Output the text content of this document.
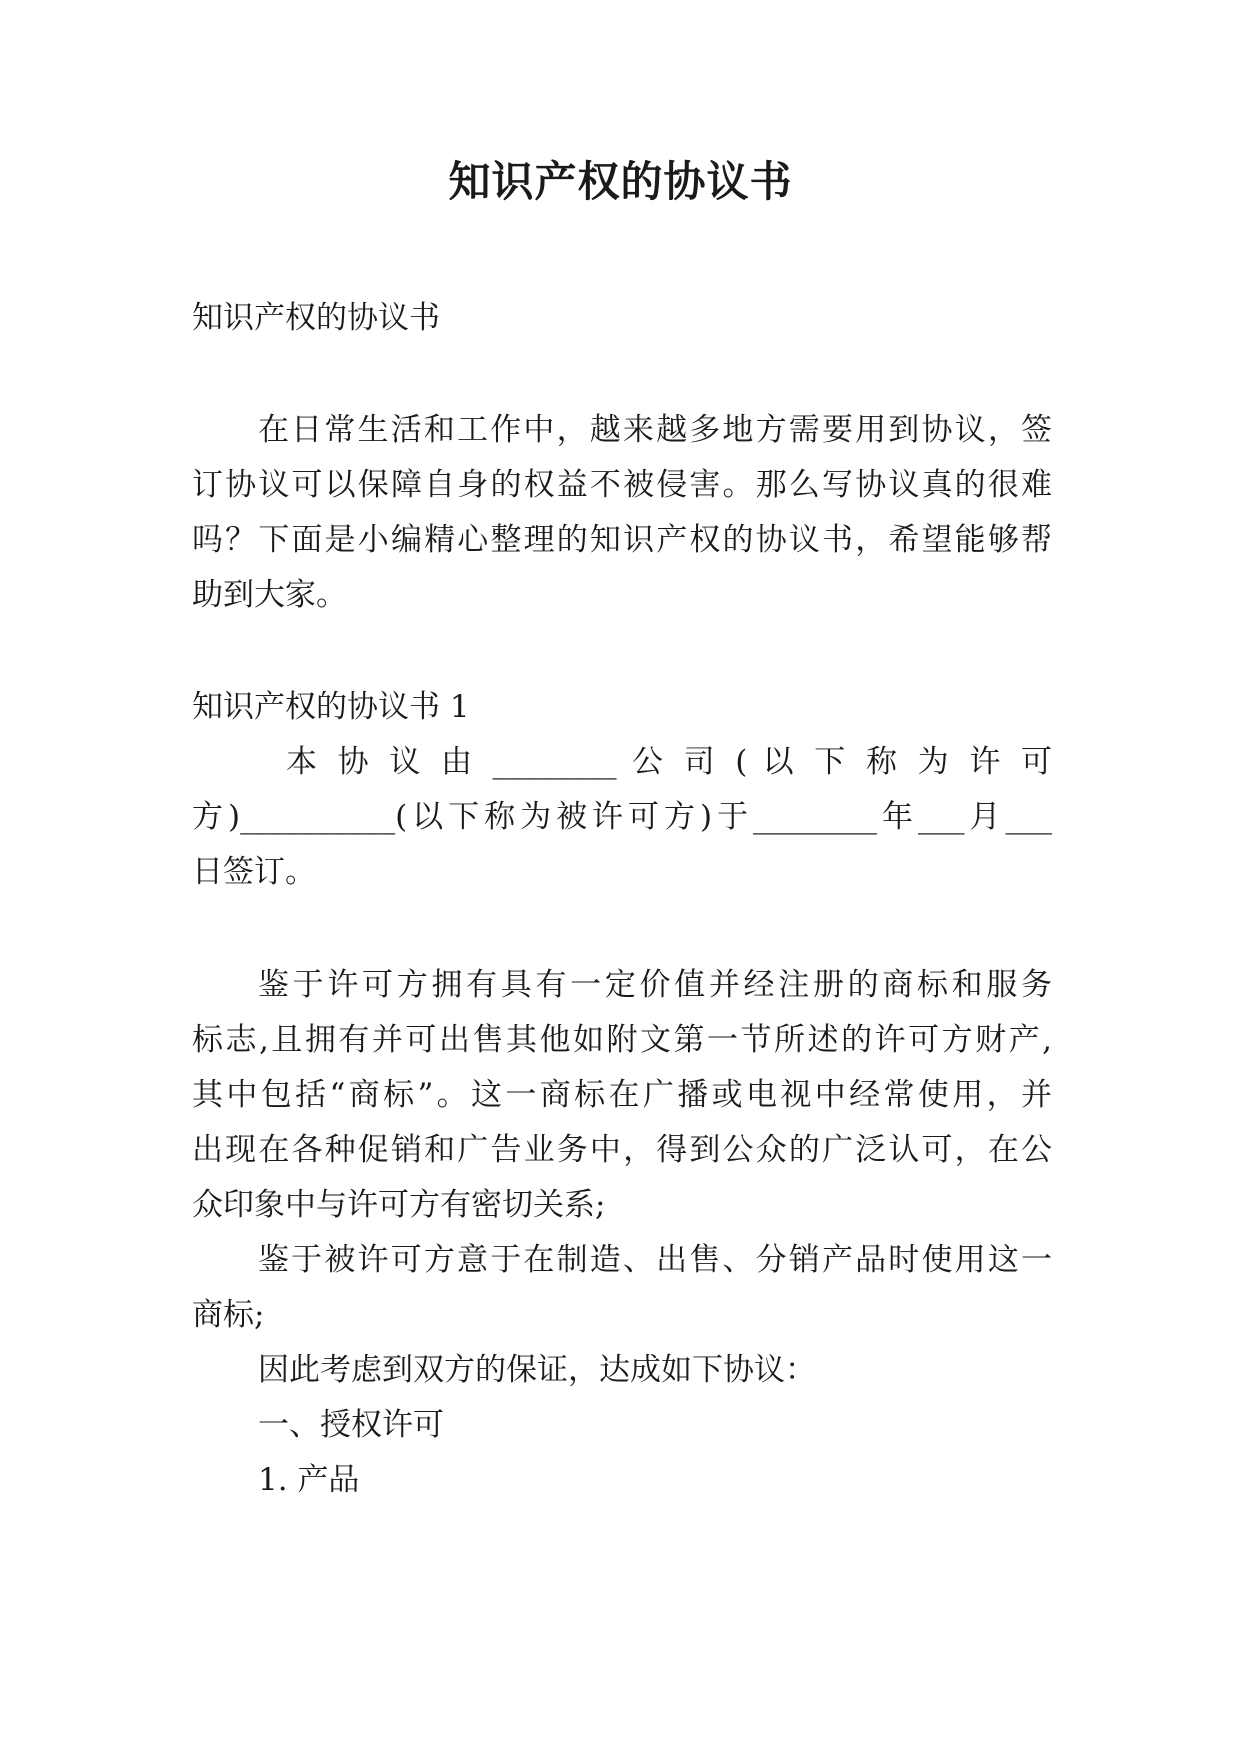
知识产权的协议书

知识产权的协议书

在日常生活和工作中，越来越多地方需要用到协议，签

订协议可以保障自身的权益不被侵害。那么写协议真的很难

吗？下面是小编精心整理的知识产权的协议书，希望能够帮

助到大家。

知识产权的协议书 1

本 协 议 由 ________ 公 司 ( 以 下 称 为 许 可

方)__________(以下称为被许可方)于________年___月___

日签订。

鉴于许可方拥有具有一定价值并经注册的商标和服务

标志,且拥有并可出售其他如附文第一节所述的许可方财产,

其中包括“商标”。这一商标在广播或电视中经常使用，并

出现在各种促销和广告业务中，得到公众的广泛认可，在公

众印象中与许可方有密切关系;

鉴于被许可方意于在制造、出售、分销产品时使用这一

商标;

因此考虑到双方的保证，达成如下协议：

一、授权许可

1. 产品
